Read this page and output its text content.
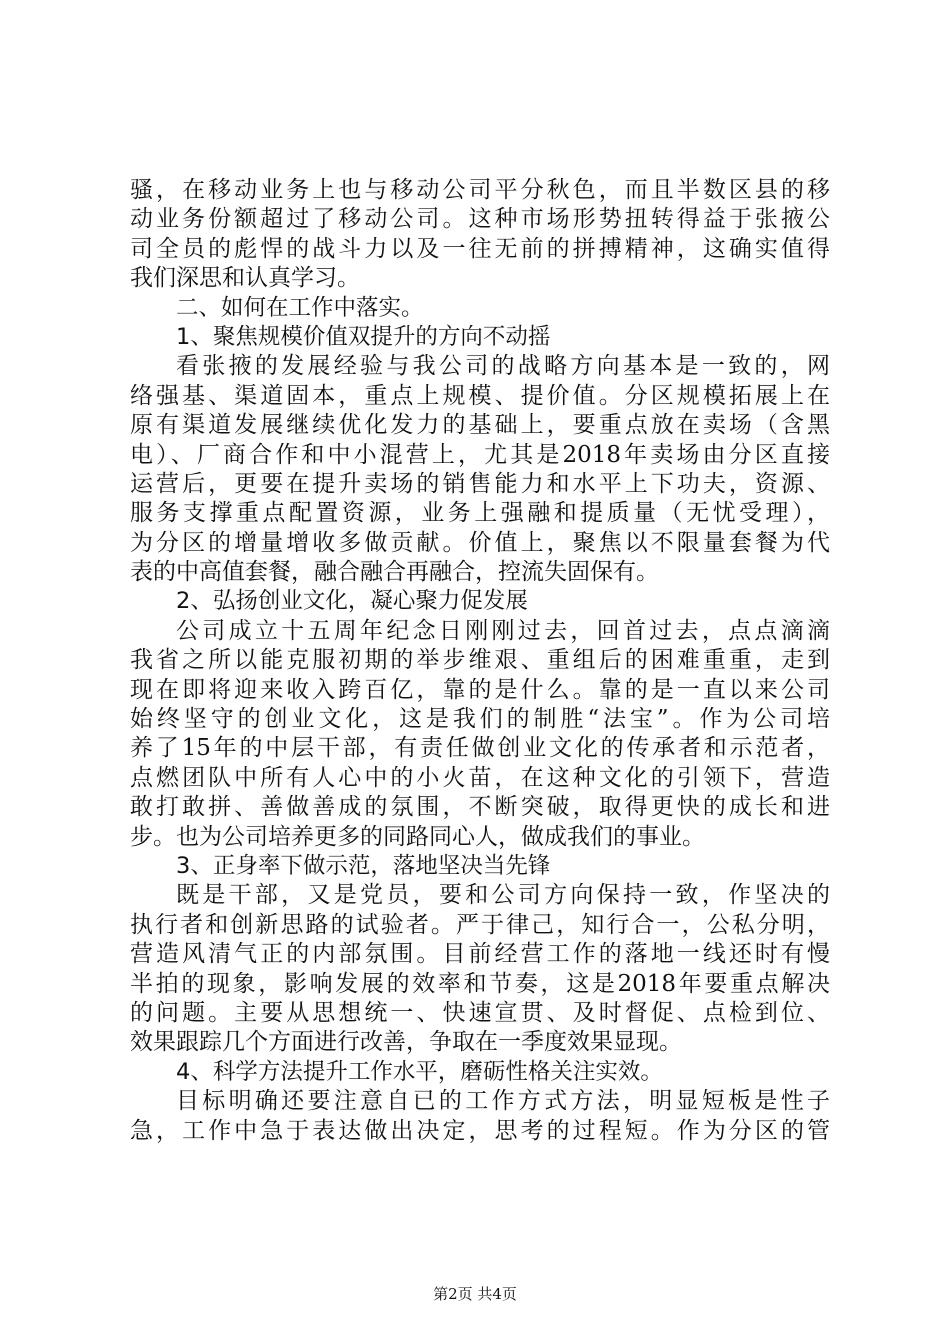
骚，在移动业务上也与移动公司平分秋色，而且半数区县的移
动业务份额超过了移动公司。这种市场形势扭转得益于张掖公
司全员的彪悍的战斗力以及一往无前的拼搏精神，这确实值得
我们深思和认真学习。
二、如何在工作中落实。
1、聚焦规模价值双提升的方向不动摇
看张掖的发展经验与我公司的战略方向基本是一致的，网
络强基、渠道固本，重点上规模、提价值。分区规模拓展上在
原有渠道发展继续优化发力的基础上，要重点放在卖场（含黑
电）、厂商合作和中小混营上，尤其是2018年卖场由分区直接
运营后，更要在提升卖场的销售能力和水平上下功夫，资源、
服务支撑重点配置资源，业务上强融和提质量（无忧受理），
为分区的增量增收多做贡献。价值上，聚焦以不限量套餐为代
表的中高值套餐，融合融合再融合，控流失固保有。
2、弘扬创业文化，凝心聚力促发展
公司成立十五周年纪念日刚刚过去，回首过去，点点滴滴
我省之所以能克服初期的举步维艰、重组后的困难重重，走到
现在即将迎来收入跨百亿，靠的是什么。靠的是一直以来公司
始终坚守的创业文化，这是我们的制胜“法宝”。作为公司培
养了15年的中层干部，有责任做创业文化的传承者和示范者，
点燃团队中所有人心中的小火苗，在这种文化的引领下，营造
敢打敢拼、善做善成的氛围，不断突破，取得更快的成长和进
步。也为公司培养更多的同路同心人，做成我们的事业。
3、正身率下做示范，落地坚决当先锋
既是干部，又是党员，要和公司方向保持一致，作坚决的
执行者和创新思路的试验者。严于律己，知行合一，公私分明，
营造风清气正的内部氛围。目前经营工作的落地一线还时有慢
半拍的现象，影响发展的效率和节奏，这是2018年要重点解决
的问题。主要从思想统一、快速宣贯、及时督促、点检到位、
效果跟踪几个方面进行改善，争取在一季度效果显现。
4、科学方法提升工作水平，磨砺性格关注实效。
目标明确还要注意自已的工作方式方法，明显短板是性子
急，工作中急于表达做出决定，思考的过程短。作为分区的管
第2页 共4页
